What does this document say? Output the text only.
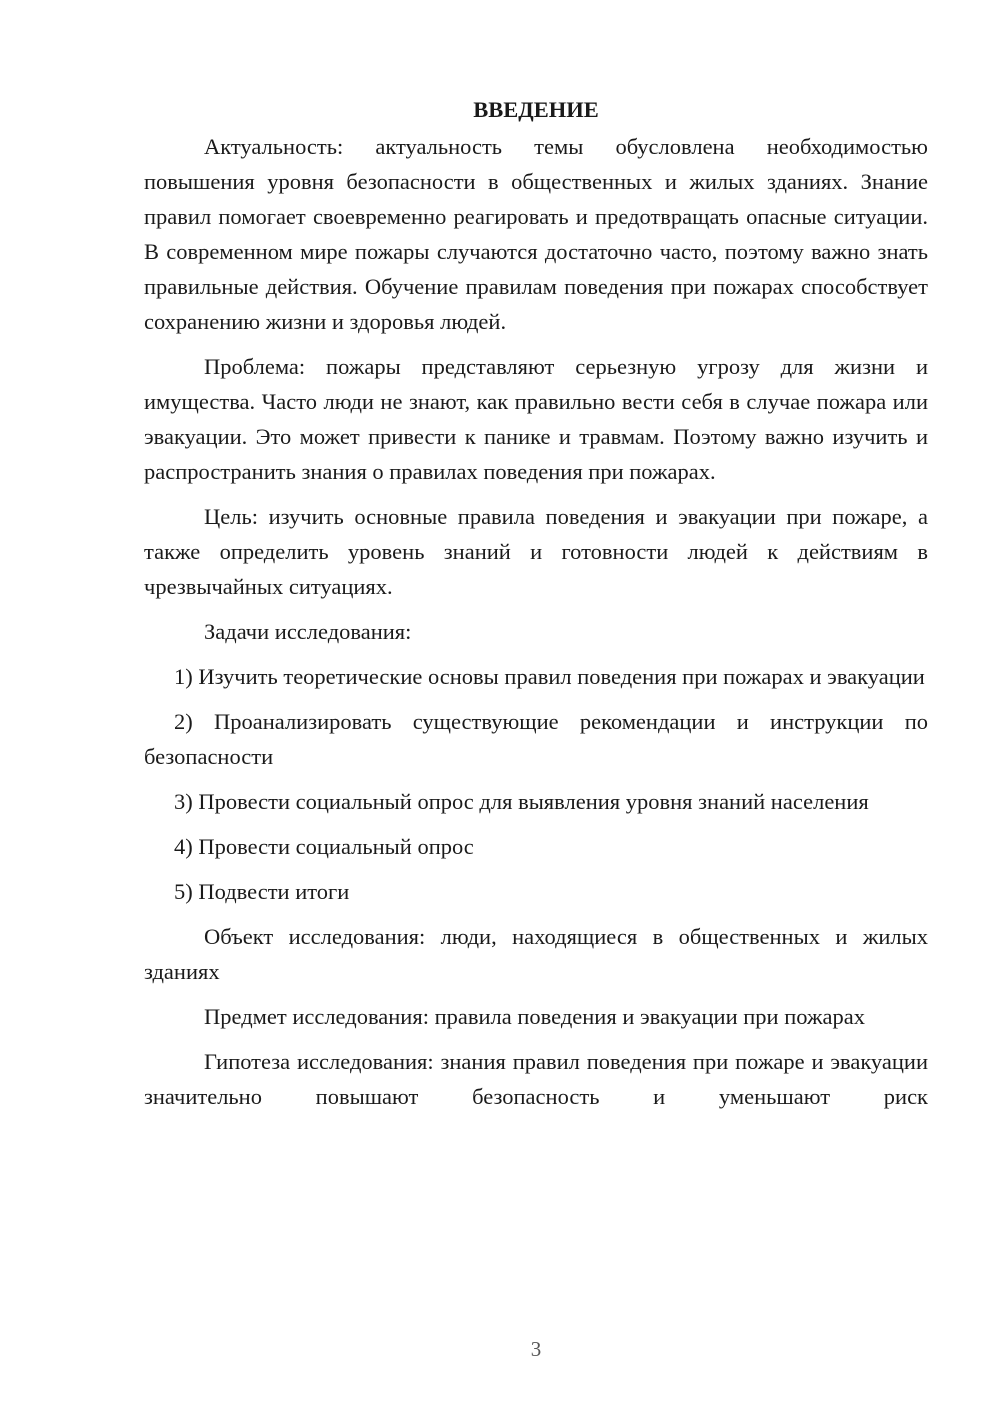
ВВЕДЕНИЕ

Актуальность: актуальность темы обусловлена необходимостью повышения уровня безопасности в общественных и жилых зданиях. Знание правил помогает своевременно реагировать и предотвращать опасные ситуации. В современном мире пожары случаются достаточно часто, поэтому важно знать правильные действия. Обучение правилам поведения при пожарах способствует сохранению жизни и здоровья людей.

Проблема: пожары представляют серьезную угрозу для жизни и имущества. Часто люди не знают, как правильно вести себя в случае пожара или эвакуации. Это может привести к панике и травмам. Поэтому важно изучить и распространить знания о правилах поведения при пожарах.

Цель: изучить основные правила поведения и эвакуации при пожаре, а также определить уровень знаний и готовности людей к действиям в чрезвычайных ситуациях.

Задачи исследования:

1) Изучить теоретические основы правил поведения при пожарах и эвакуации

2) Проанализировать существующие рекомендации и инструкции по безопасности

3) Провести социальный опрос для выявления уровня знаний населения

4) Провести социальный опрос

5) Подвести итоги

Объект исследования: люди, находящиеся в общественных и жилых зданиях

Предмет исследования: правила поведения и эвакуации при пожарах

Гипотеза исследования: знания правил поведения при пожаре и эвакуации значительно повышают безопасность и уменьшают риск

3
